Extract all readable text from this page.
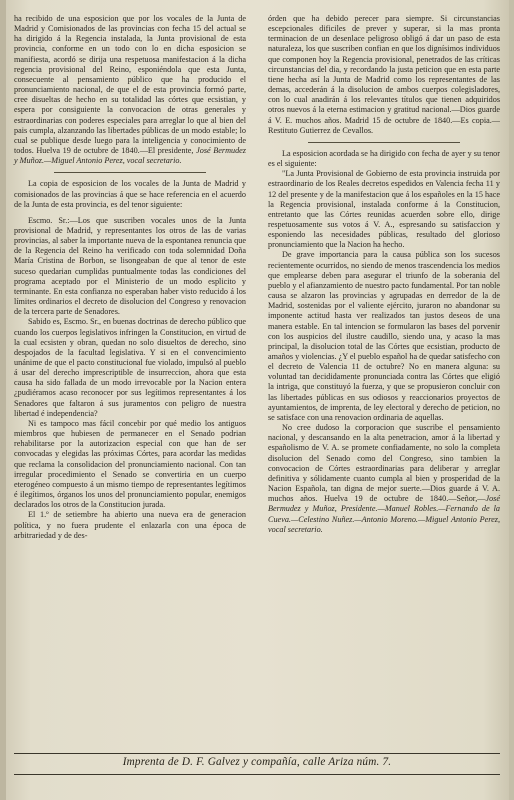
ha recibido de una esposicion que por los vocales de la Junta de Madrid y Comisionados de las provincias con fecha 15 del actual se ha dirigido á la Regencia instalada, la Junta provisional de esta provincia, conforme en un todo con lo en dicha esposicion se manifiesta, acordó se dirija una respetuosa manifestacion á la dicha regencia provisional del Reino, esponiéndola que esta Junta, consecuente al pensamiento público que ha producido el pronunciamiento nacional, de que el de esta provincia formó parte, cree disueltas de hecho en su totalidad las córtes que ecsistian, y espera por consiguiente la convocacion de otras generales y estraordinarias con poderes especiales para arreglar lo que al bien del pais cumpla, alzanzando las libertades públicas de un modo estable; lo cual se publique desde luego para la inteligencia y conocimiento de todos. Huelva 19 de octubre de 1840.—El presidente, José Bermudez y Muñoz.—Miguel Antonio Perez, vocal secretario.

La copia de esposicion de los vocales de la Junta de Madrid y comisionados de las provincias á que se hace referencia en el acuerdo de la Junta de esta provincia, es del tenor siguiente:

Escmo. Sr.:—Los que suscriben vocales unos de la Junta provisional de Madrid, y representantes los otros de las de varias provincias, al saber la importante nueva de la espontanea renuncia que de la Regencia del Reino ha verificado con toda solemnidad Doña María Cristina de Borbon, se lisongeaban de que al tenor de este suceso quedarian cumplidas puntualmente todas las condiciones del programa aceptado por el Ministerio de un modo esplicito y terminante. En esta confianza no esperaban haber visto reducido á los límites ordinarios el decreto de disolucion del Congreso y renovacion de la tercera parte de Senadores.

Sabido es, Escmo. Sr., en buenas doctrinas de derecho público que cuando los cuerpos legislativos infringen la Constitucion, en virtud de la cual ecsisten y obran, quedan no solo disueltos de derecho, sino despojados de la facultad legislativa. Y si en el convencimiento unánime de que el pacto constitucional fue violado, impulsó al pueblo á usar del derecho imprescriptible de insurreccion, ahora que esta causa ha sido fallada de un modo irrevocable por la Nacion entera ¿pudiéramos acaso reconocer por sus legítimos representantes á los Senadores que faltaron á sus juramentos con peligro de nuestra libertad é independencia?

Ni es tampoco mas fácil concebir por qué medio los antiguos miembros que hubiesen de permanecer en el Senado podrian rehabilitarse por la autorizacion especial con que han de ser convocadas y elegidas las próximas Córtes, para acordar las medidas que reclama la consolidacion del pronunciamiento nacional. Con tan irregular procedimiento el Senado se convertiria en un cuerpo eterogéneo compuesto á un mismo tiempo de representantes legítimos é ilegítimos, órganos los unos del pronunciamiento popular, enemigos declarados los otros de la Constitucion jurada.

El 1.º de setiembre ha abierto una nueva era de generacion política, y no fuera prudente el enlazarla con una época de arbitrariedad y de des-

órden que ha debido perecer para siempre. Si circunstancias escepcionales dificiles de prever y superar, si la mas pronta terminacion de un desenlace peligroso obligó á dar un paso de esta naturaleza, los que suscriben confian en que los dignísimos individuos que componen hoy la Regencia provisional, penetrados de las críticas circunstancias del dia, y recordando la justa peticion que en esta parte tiene hecha así la Junta de Madrid como los representantes de las demas, accederán á la disolucion de ambos cuerpos colegisladores, con lo cual anadirán á los relevantes títulos que tienen adquiridos otros nuevos á la eterna estimacion y gratitud nacional.—Dios guarde á V. E. muchos años. Madrid 15 de octubre de 1840.—Es copia.—Restituto Gutierrez de Cevallos.

La esposicion acordada se ha dirigido con fecha de ayer y su tenor es el siguiente:

"La Junta Provisional de Gobierno de esta provincia instruida por estraordinario de los Reales decretos espedidos en Valencia fecha 11 y 12 del presente y de la manifestacion que á los españoles en la 15 hace la Regencia provisional, instalada conforme á la Constitucion, entretanto que las Córtes reunidas acuerden sobre ello, dirige respetuosamente sus votos á V. A., espresando su satisfaccion y esponiendo las necesidades públicas, resultado del glorioso pronunciamiento que la Nacion ha hecho.

De grave importancia para la causa pública son los sucesos recientemente ocurridos, no siendo de menos trascendencia los medios que emplearse deben para asegurar el triunfo de la soberania del pueblo y el afianzamiento de nuestro pacto fundamental. Por tan noble causa se alzaron las provincias y agrupadas en derredor de la de Madrid, sostenidas por el valiente ejército, juraron no abandonar su imponente actitud hasta ver realizados tan justos deseos de una manera estable. En tal intencion se formularon las bases del porvenir con los auspicios del ilustre caudillo, siendo una, y acaso la mas principal, la disolucion total de las Córtes que ecsistian, producto de amaños y violencias. ¿Y el pueblo español ha de quedar satisfecho con el decreto de Valencia 11 de octubre? No en manera alguna: su voluntad tan decididamente pronunciada contra las Córtes que eligió la intriga, que constituyó la fuerza, y que se propusieron concluir con las libertades públicas en sus odiosos y reaccionarios proyectos de ayuntamientos, de imprenta, de ley electoral y derecho de peticion, no se satisface con una renovacion ordinaria de aquellas.

No cree dudoso la corporacion que suscribe el pensamiento nacional, y descansando en la alta penetracion, amor á la libertad y españolismo de V. A. se promete confiadamente, no solo la completa disolucion del Senado como del Congreso, sino tambien la convocacion de Córtes estraordinarias para deliberar y arreglar definitiva y sólidamente cuanto cumpla al bien y prosperidad de la Nacion Española, tan digna de mejor suerte.—Dios guarde á V. A. muchos años. Huelva 19 de octubre de 1840.—Señor,—José Bermudez y Muñoz, Presidente.—Manuel Robles.—Fernando de la Cueva.—Celestino Nuñez.—Antonio Moreno.—Miguel Antonio Perez, vocal secretario.

Imprenta de D. F. Galvez y compañía, calle Ariza núm. 7.
